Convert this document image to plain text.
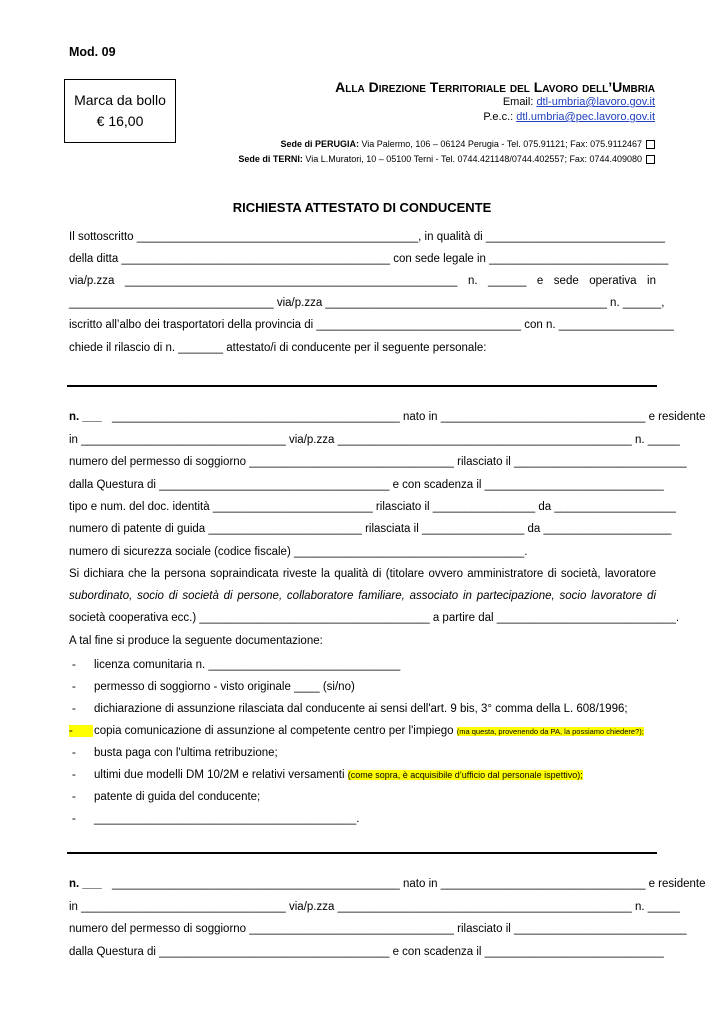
Mod. 09
Marca da bollo
€ 16,00
Alla Direzione Territoriale del Lavoro dell’Umbria
Email: dtl-umbria@lavoro.gov.it
P.e.c.: dtl.umbria@pec.lavoro.gov.it
Sede di PERUGIA: Via Palermo, 106 – 06124 Perugia - Tel. 075.91121; Fax: 075.9112467
Sede di TERNI: Via L.Muratori, 10 – 05100 Terni - Tel. 0744.421148/0744.402557; Fax: 0744.409080
RICHIESTA ATTESTATO DI CONDUCENTE
Il sottoscritto ____________________________________________, in qualità di ____________________________
della ditta __________________________________________ con sede legale in ____________________________
via/p.zza ____________________________________________________ n. ______ e sede operativa in
________________________________ via/p.zza ____________________________________________ n. ______,
iscritto all’albo dei trasportatori della provincia di ________________________________ con n. __________________
chiede il rilascio di n. _______ attestato/i di conducente per il seguente personale:
n. ___ _____________________________________________ nato in ________________________________ e residente
in ________________________________ via/p.zza ______________________________________________ n. _____
numero del permesso di soggiorno ________________________________ rilasciato il ___________________________
dalla Questura di ____________________________________ e con scadenza il ____________________________
tipo e num. del doc. identità _________________________ rilasciato il ________________ da ___________________
numero di patente di guida ________________________ rilasciata il ________________ da ____________________
numero di sicurezza sociale (codice fiscale) ____________________________________.
Si dichiara che la persona sopraindicata riveste la qualità di (titolare ovvero amministratore di società, lavoratore
subordinato, socio di società di persone, collaboratore familiare, associato in partecipazione, socio lavoratore di
società cooperativa ecc.) ____________________________________ a partire dal ____________________________.
A tal fine si produce la seguente documentazione:
- licenza comunitaria n. ______________________________
- permesso di soggiorno - visto originale ____ (si/no)
- dichiarazione di assunzione rilasciata dal conducente ai sensi dell'art. 9 bis, 3° comma della L. 608/1996;
-	copia comunicazione di assunzione al competente centro per l'impiego (ma questa, provenendo da PA, la possiamo chiedere?);
- busta paga con l'ultima retribuzione;
- ultimi due modelli DM 10/2M e relativi versamenti (come sopra, è acquisibile d’ufficio dal personale ispettivo);
- patente di guida del conducente;
- _________________________________________.
n. ___ _____________________________________________ nato in ________________________________ e residente
in ________________________________ via/p.zza ______________________________________________ n. _____
numero del permesso di soggiorno ________________________________ rilasciato il ___________________________
dalla Questura di ____________________________________ e con scadenza il ____________________________
